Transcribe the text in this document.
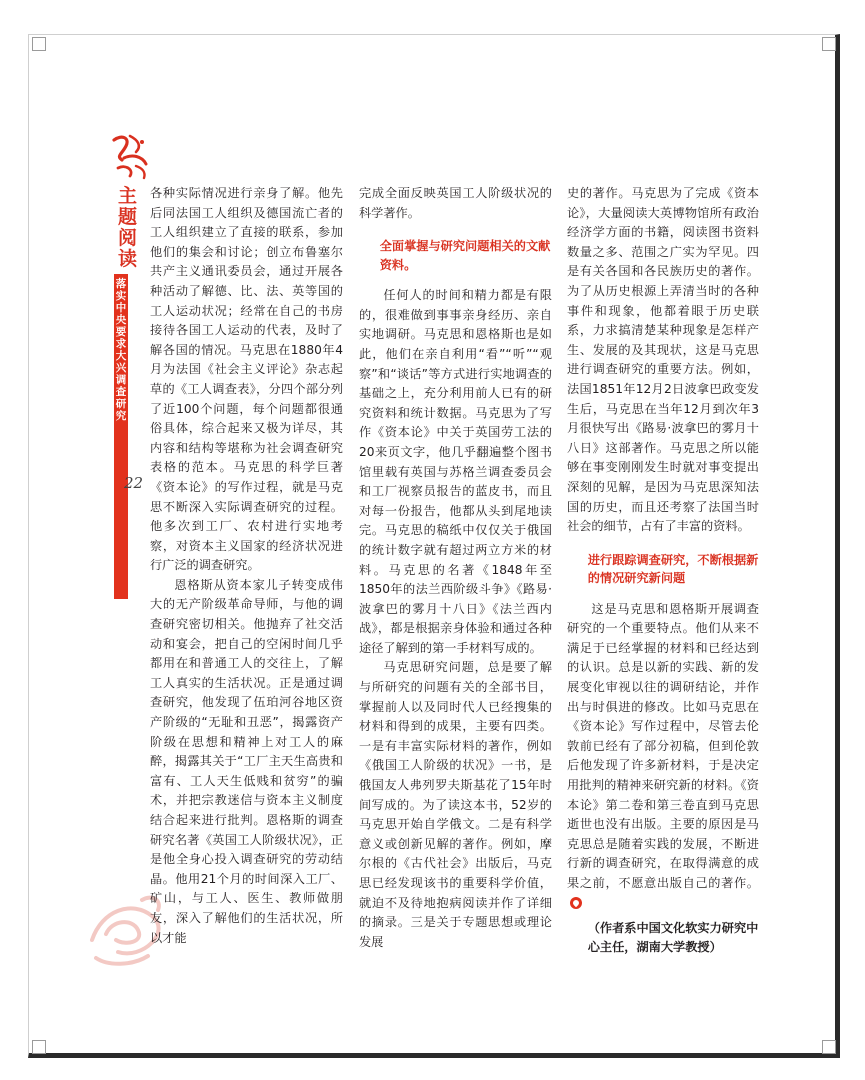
主题阅读
落实中央要求 大兴调查研究
22

各种实际情况进行亲身了解。他先后同法国工人组织及德国流亡者的工人组织建立了直接的联系，参加他们的集会和讨论；创立布鲁塞尔共产主义通讯委员会，通过开展各种活动了解德、比、法、英等国的工人运动状况；经常在自己的书房接待各国工人运动的代表，及时了解各国的情况。马克思在1880年4月为法国《社会主义评论》杂志起草的《工人调查表》，分四个部分列了近100个问题，每个问题都很通俗具体，综合起来又极为详尽，其内容和结构等堪称为社会调查研究表格的范本。马克思的科学巨著《资本论》的写作过程，就是马克思不断深入实际调查研究的过程。他多次到工厂、农村进行实地考察，对资本主义国家的经济状况进行广泛的调查研究。

恩格斯从资本家儿子转变成伟大的无产阶级革命导师，与他的调查研究密切相关。他抛弃了社交活动和宴会，把自己的空闲时间几乎都用在和普通工人的交往上，了解工人真实的生活状况。正是通过调查研究，他发现了伍珀河谷地区资产阶级的“无耻和丑恶”，揭露资产阶级在思想和精神上对工人的麻醉，揭露其关于“工厂主天生高贵和富有、工人天生低贱和贫穷”的骗术，并把宗教迷信与资本主义制度结合起来进行批判。恩格斯的调查研究名著《英国工人阶级状况》，正是他全身心投入调查研究的劳动结晶。他用21个月的时间深入工厂、矿山，与工人、医生、教师做朋友，深入了解他们的生活状况，所以才能

完成全面反映英国工人阶级状况的科学著作。

全面掌握与研究问题相关的文献资料。

任何人的时间和精力都是有限的，很难做到事事亲身经历、亲自实地调研。马克思和恩格斯也是如此，他们在亲自利用“看”“听”“观察”和“谈话”等方式进行实地调查的基础之上，充分利用前人已有的研究资料和统计数据。马克思为了写作《资本论》中关于英国劳工法的20来页文字，他几乎翻遍整个图书馆里载有英国与苏格兰调查委员会和工厂视察员报告的蓝皮书，而且对每一份报告，他都从头到尾地读完。马克思的稿纸中仅仅关于俄国的统计数字就有超过两立方米的材料。马克思的名著《1848年至1850年的法兰西阶级斗争》《路易·波拿巴的雾月十八日》《法兰西内战》，都是根据亲身体验和通过各种途径了解到的第一手材料写成的。

马克思研究问题，总是要了解与所研究的问题有关的全部书目，掌握前人以及同时代人已经搜集的材料和得到的成果，主要有四类。一是有丰富实际材料的著作，例如《俄国工人阶级的状况》一书，是俄国友人弗列罗夫斯基花了15年时间写成的。为了读这本书，52岁的马克思开始自学俄文。二是有科学意义或创新见解的著作。例如，摩尔根的《古代社会》出版后，马克思已经发现该书的重要科学价值，就迫不及待地抱病阅读并作了详细的摘录。三是关于专题思想或理论发展

史的著作。马克思为了完成《资本论》，大量阅读大英博物馆所有政治经济学方面的书籍，阅读图书资料数量之多、范围之广实为罕见。四是有关各国和各民族历史的著作。为了从历史根源上弄清当时的各种事件和现象，他都着眼于历史联系，力求搞清楚某种现象是怎样产生、发展的及其现状，这是马克思进行调查研究的重要方法。例如，法国1851年12月2日波拿巴政变发生后，马克思在当年12月到次年3月很快写出《路易·波拿巴的雾月十八日》这部著作。马克思之所以能够在事变刚刚发生时就对事变提出深刻的见解，是因为马克思深知法国的历史，而且还考察了法国当时社会的细节，占有了丰富的资料。

进行跟踪调查研究，不断根据新的情况研究新问题

这是马克思和恩格斯开展调查研究的一个重要特点。他们从来不满足于已经掌握的材料和已经达到的认识。总是以新的实践、新的发展变化审视以往的调研结论，并作出与时俱进的修改。比如马克思在《资本论》写作过程中，尽管去伦敦前已经有了部分初稿，但到伦敦后他发现了许多新材料，于是决定用批判的精神来研究新的材料。《资本论》第二卷和第三卷直到马克思逝世也没有出版。主要的原因是马克思总是随着实践的发展，不断进行新的调查研究，在取得满意的成果之前，不愿意出版自己的著作。

（作者系中国文化软实力研究中心主任，湖南大学教授）
